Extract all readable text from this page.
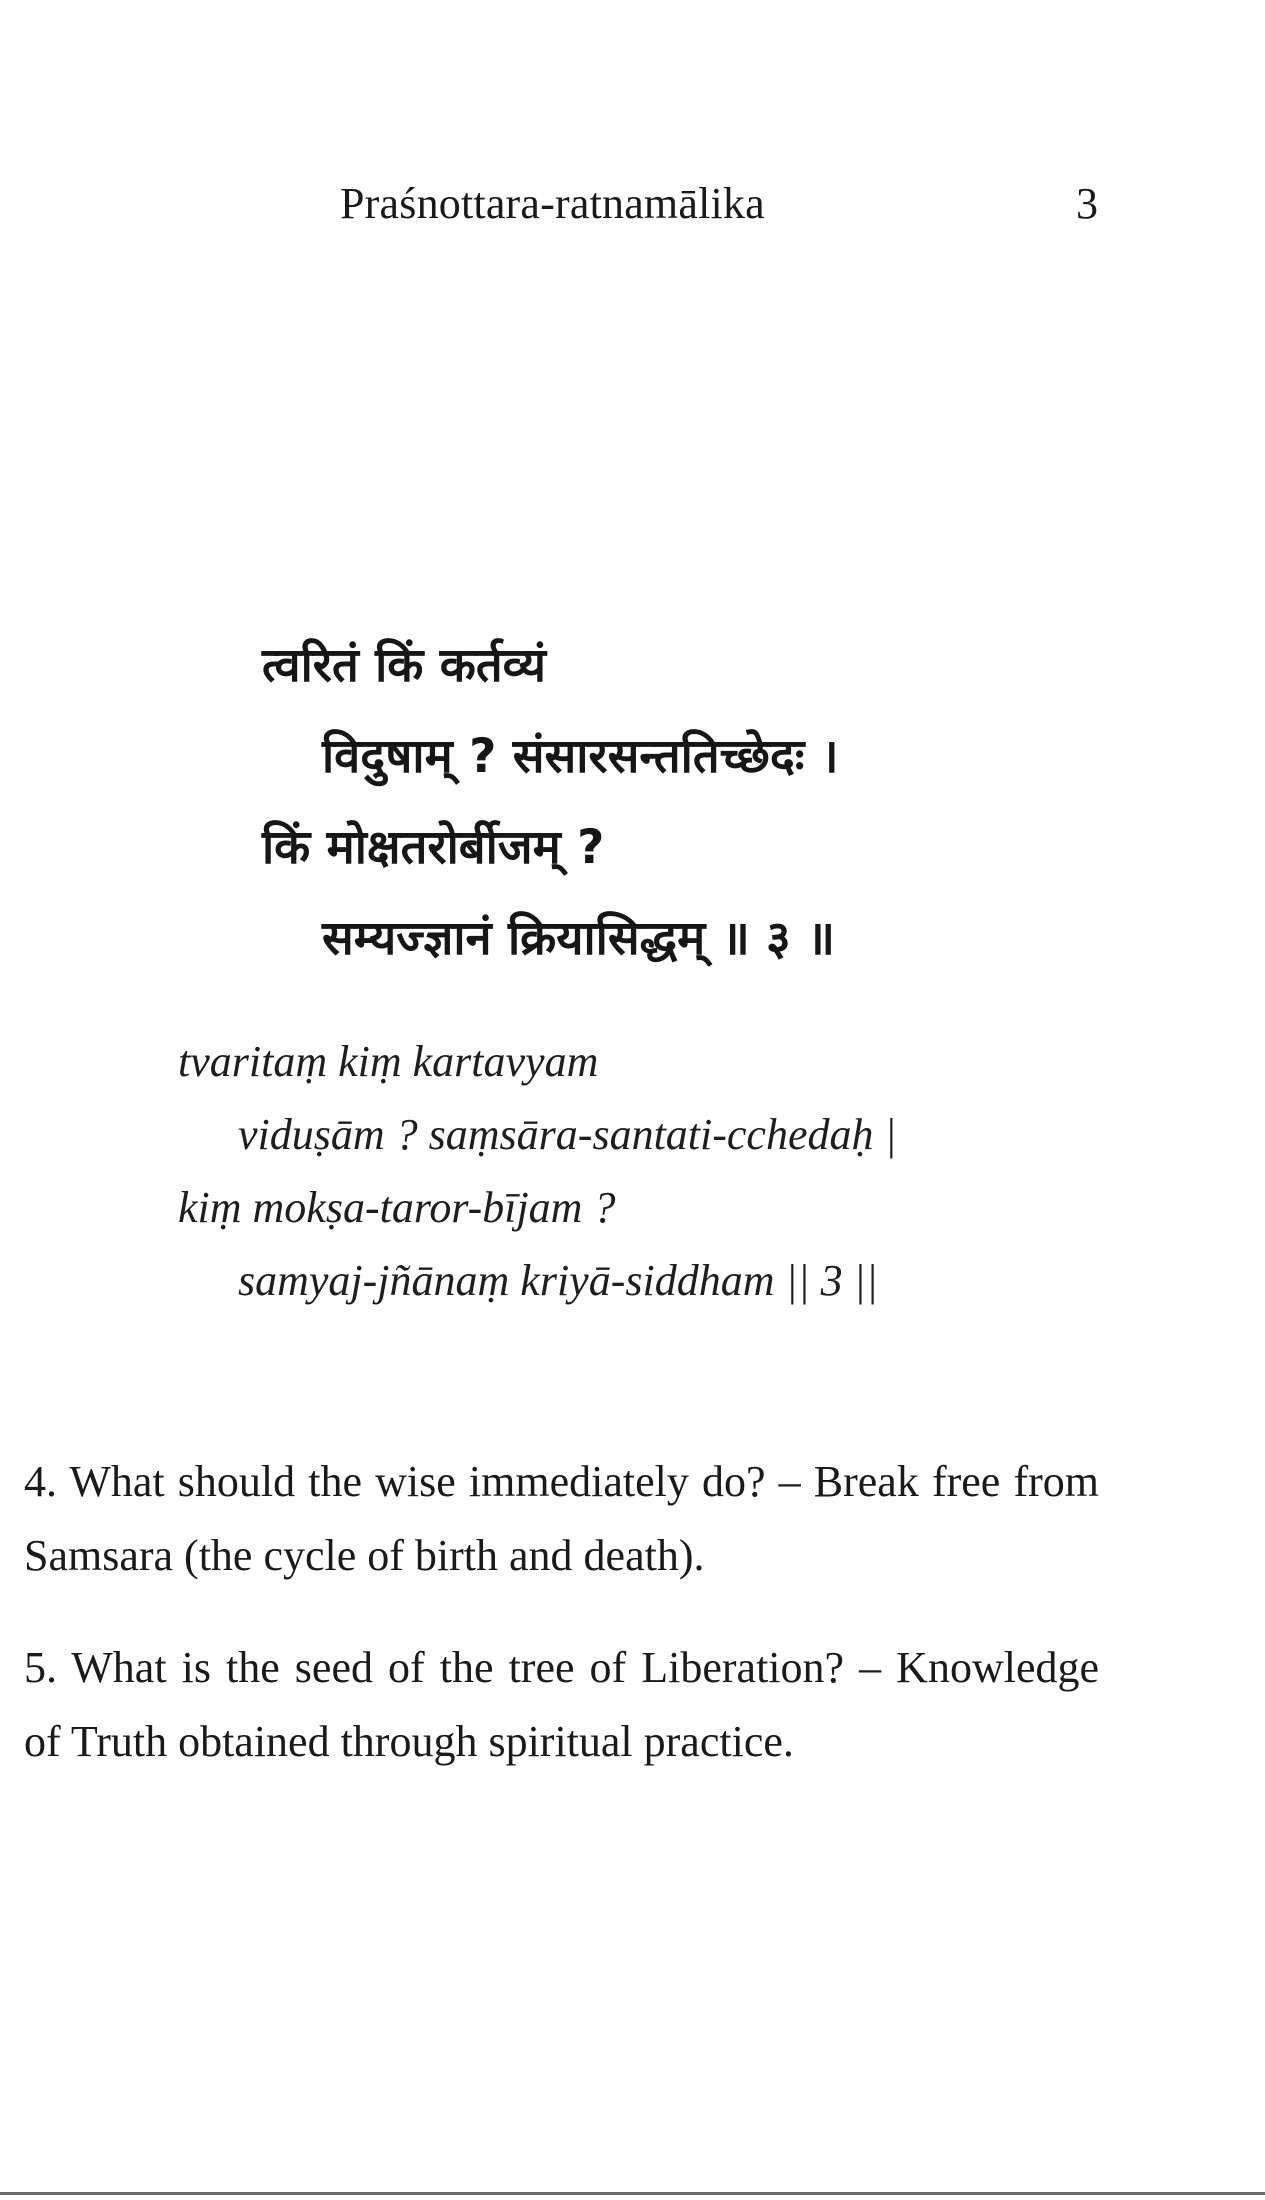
Praśnottara-ratnamālika	3
त्वरितं किं कर्तव्यं
विदुषाम् ? संसारसन्ततिच्छेदः ।
किं मोक्षतरोर्बीजम् ?
सम्यज्ज्ञानं क्रियासिद्धम् ॥ ३ ॥
tvaritaṃ kiṃ kartavyam
viduṣām ? saṃsāra-santati-cchedaḥ |
kiṃ mokṣa-taror-bījam ?
samyaj-jñānaṃ kriyā-siddham || 3 ||

4. What should the wise immediately do? – Break free from Samsara (the cycle of birth and death).

5. What is the seed of the tree of Liberation? – Knowledge of Truth obtained through spiritual practice.
